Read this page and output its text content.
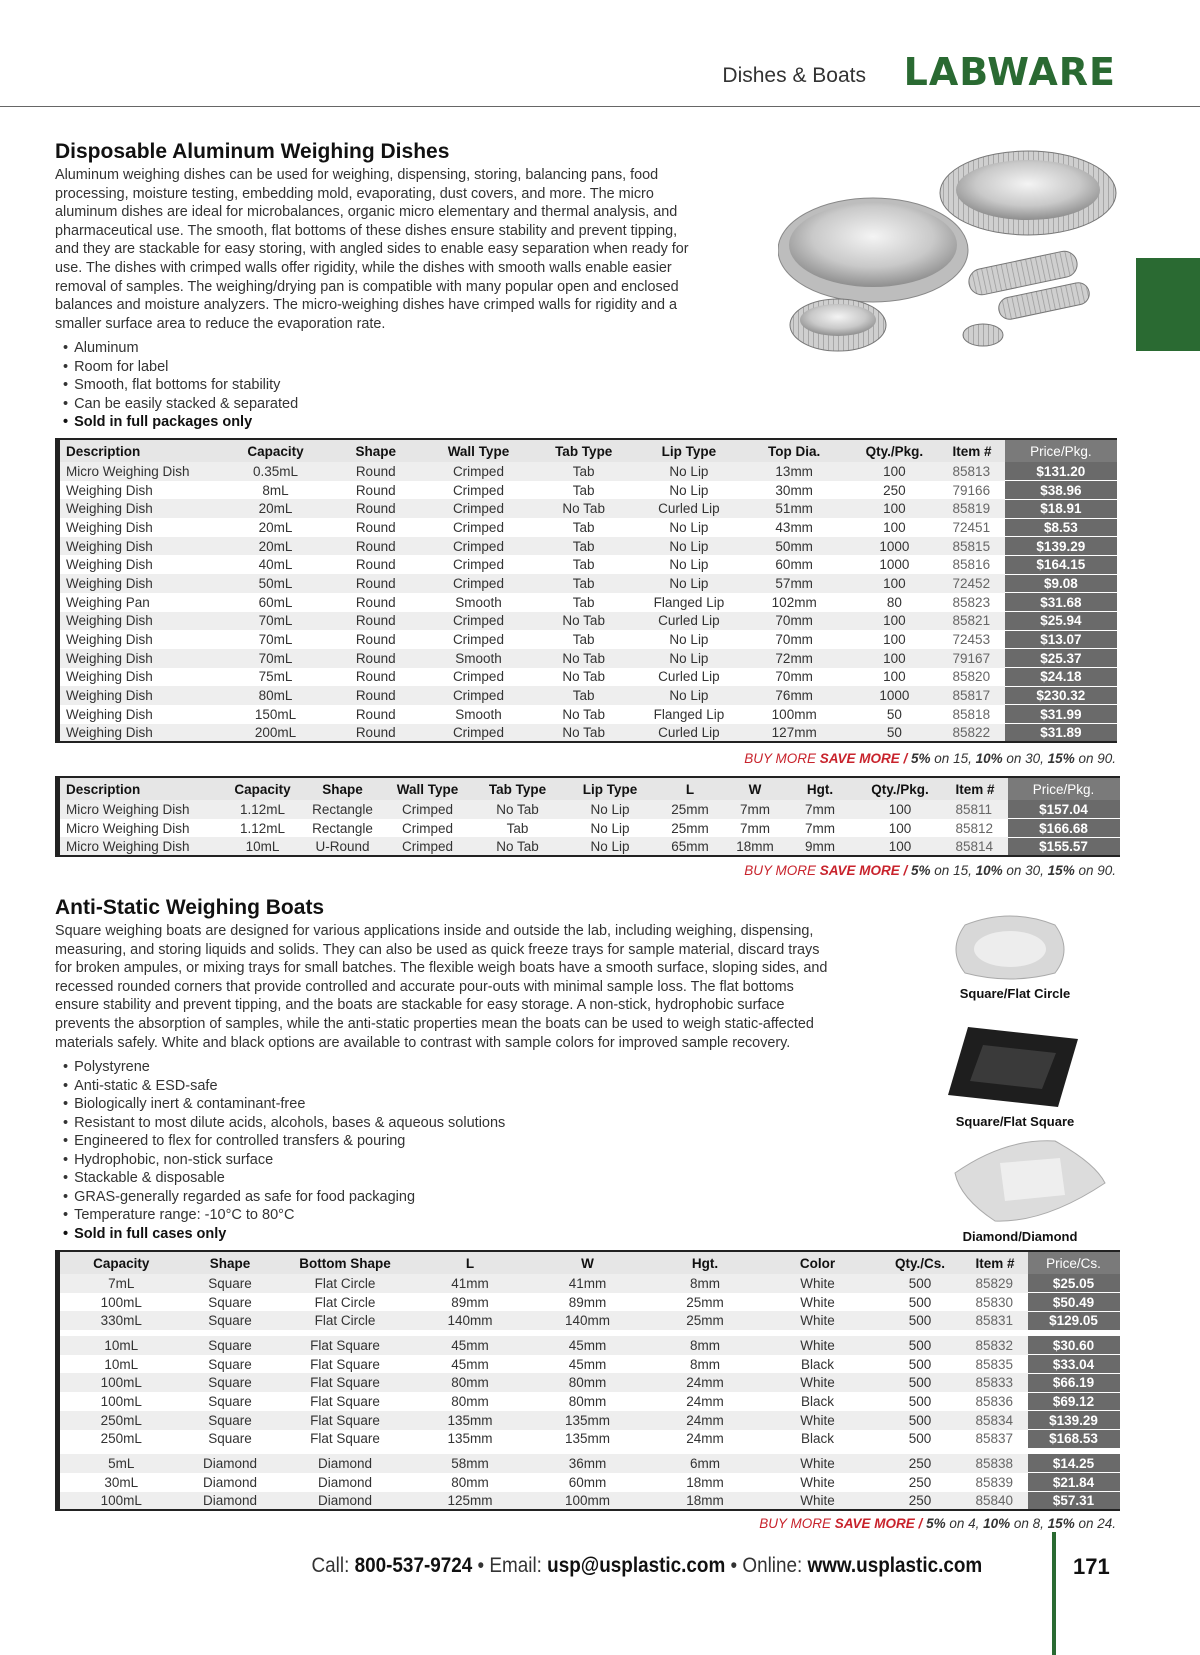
Dishes & Boats LABWARE
Disposable Aluminum Weighing Dishes
Aluminum weighing dishes can be used for weighing, dispensing, storing, balancing pans, food
processing, moisture testing, embedding mold, evaporating, dust covers, and more. The micro
aluminum dishes are ideal for microbalances, organic micro elementary and thermal analysis, and
pharmaceutical use. The smooth, flat bottoms of these dishes ensure stability and prevent tipping,
and they are stackable for easy storing, with angled sides to enable easy separation when ready for
use. The dishes with crimped walls offer rigidity, while the dishes with smooth walls enable easier
removal of samples. The weighing/drying pan is compatible with many popular open and enclosed
balances and moisture analyzers. The micro-weighing dishes have crimped walls for rigidity and a
smaller surface area to reduce the evaporation rate.
• Aluminum
• Room for label
• Smooth, flat bottoms for stability
• Can be easily stacked & separated
• Sold in full packages only
Description	Capacity	Shape	Wall Type	Tab Type	Lip Type	Top Dia.	Qty./Pkg.	Item #	Price/Pkg.
Micro Weighing Dish	0.35mL	Round	Crimped	Tab	No Lip	13mm	100	85813	$131.20
Weighing Dish	8mL	Round	Crimped	Tab	No Lip	30mm	250	79166	$38.96
Weighing Dish	20mL	Round	Crimped	No Tab	Curled Lip	51mm	100	85819	$18.91
Weighing Dish	20mL	Round	Crimped	Tab	No Lip	43mm	100	72451	$8.53
Weighing Dish	20mL	Round	Crimped	Tab	No Lip	50mm	1000	85815	$139.29
Weighing Dish	40mL	Round	Crimped	Tab	No Lip	60mm	1000	85816	$164.15
Weighing Dish	50mL	Round	Crimped	Tab	No Lip	57mm	100	72452	$9.08
Weighing Pan	60mL	Round	Smooth	Tab	Flanged Lip	102mm	80	85823	$31.68
Weighing Dish	70mL	Round	Crimped	No Tab	Curled Lip	70mm	100	85821	$25.94
Weighing Dish	70mL	Round	Crimped	Tab	No Lip	70mm	100	72453	$13.07
Weighing Dish	70mL	Round	Smooth	No Tab	No Lip	72mm	100	79167	$25.37
Weighing Dish	75mL	Round	Crimped	No Tab	Curled Lip	70mm	100	85820	$24.18
Weighing Dish	80mL	Round	Crimped	Tab	No Lip	76mm	1000	85817	$230.32
Weighing Dish	150mL	Round	Smooth	No Tab	Flanged Lip	100mm	50	85818	$31.99
Weighing Dish	200mL	Round	Crimped	No Tab	Curled Lip	127mm	50	85822	$31.89
BUY MORE SAVE MORE / 5% on 15, 10% on 30, 15% on 90.
Description	Capacity	Shape	Wall Type	Tab Type	Lip Type	L	W	Hgt.	Qty./Pkg.	Item #	Price/Pkg.
Micro Weighing Dish	1.12mL	Rectangle	Crimped	No Tab	No Lip	25mm	7mm	7mm	100	85811	$157.04
Micro Weighing Dish	1.12mL	Rectangle	Crimped	Tab	No Lip	25mm	7mm	7mm	100	85812	$166.68
Micro Weighing Dish	10mL	U-Round	Crimped	No Tab	No Lip	65mm	18mm	9mm	100	85814	$155.57
BUY MORE SAVE MORE / 5% on 15, 10% on 30, 15% on 90.
Anti-Static Weighing Boats
Square weighing boats are designed for various applications inside and outside the lab, including weighing, dispensing,
measuring, and storing liquids and solids. They can also be used as quick freeze trays for sample material, discard trays
for broken ampules, or mixing trays for small batches. The flexible weigh boats have a smooth surface, sloping sides, and
recessed rounded corners that provide controlled and accurate pour-outs with minimal sample loss. The flat bottoms
ensure stability and prevent tipping, and the boats are stackable for easy storage. A non-stick, hydrophobic surface
prevents the absorption of samples, while the anti-static properties mean the boats can be used to weigh static-affected
materials safely. White and black options are available to contrast with sample colors for improved sample recovery.
• Polystyrene
• Anti-static & ESD-safe
• Biologically inert & contaminant-free
• Resistant to most dilute acids, alcohols, bases & aqueous solutions
• Engineered to flex for controlled transfers & pouring
• Hydrophobic, non-stick surface
• Stackable & disposable
• GRAS-generally regarded as safe for food packaging
• Temperature range: -10°C to 80°C
• Sold in full cases only
Square/Flat Circle
Square/Flat Square
Diamond/Diamond
Capacity	Shape	Bottom Shape	L	W	Hgt.	Color	Qty./Cs.	Item #	Price/Cs.
7mL	Square	Flat Circle	41mm	41mm	8mm	White	500	85829	$25.05
100mL	Square	Flat Circle	89mm	89mm	25mm	White	500	85830	$50.49
330mL	Square	Flat Circle	140mm	140mm	25mm	White	500	85831	$129.05

10mL	Square	Flat Square	45mm	45mm	8mm	White	500	85832	$30.60
10mL	Square	Flat Square	45mm	45mm	8mm	Black	500	85835	$33.04
100mL	Square	Flat Square	80mm	80mm	24mm	White	500	85833	$66.19
100mL	Square	Flat Square	80mm	80mm	24mm	Black	500	85836	$69.12
250mL	Square	Flat Square	135mm	135mm	24mm	White	500	85834	$139.29
250mL	Square	Flat Square	135mm	135mm	24mm	Black	500	85837	$168.53

5mL	Diamond	Diamond	58mm	36mm	6mm	White	250	85838	$14.25
30mL	Diamond	Diamond	80mm	60mm	18mm	White	250	85839	$21.84
100mL	Diamond	Diamond	125mm	100mm	18mm	White	250	85840	$57.31
BUY MORE SAVE MORE / 5% on 4, 10% on 8, 15% on 24.
Call: 800-537-9724 • Email: usp@usplastic.com • Online: www.usplastic.com	171
